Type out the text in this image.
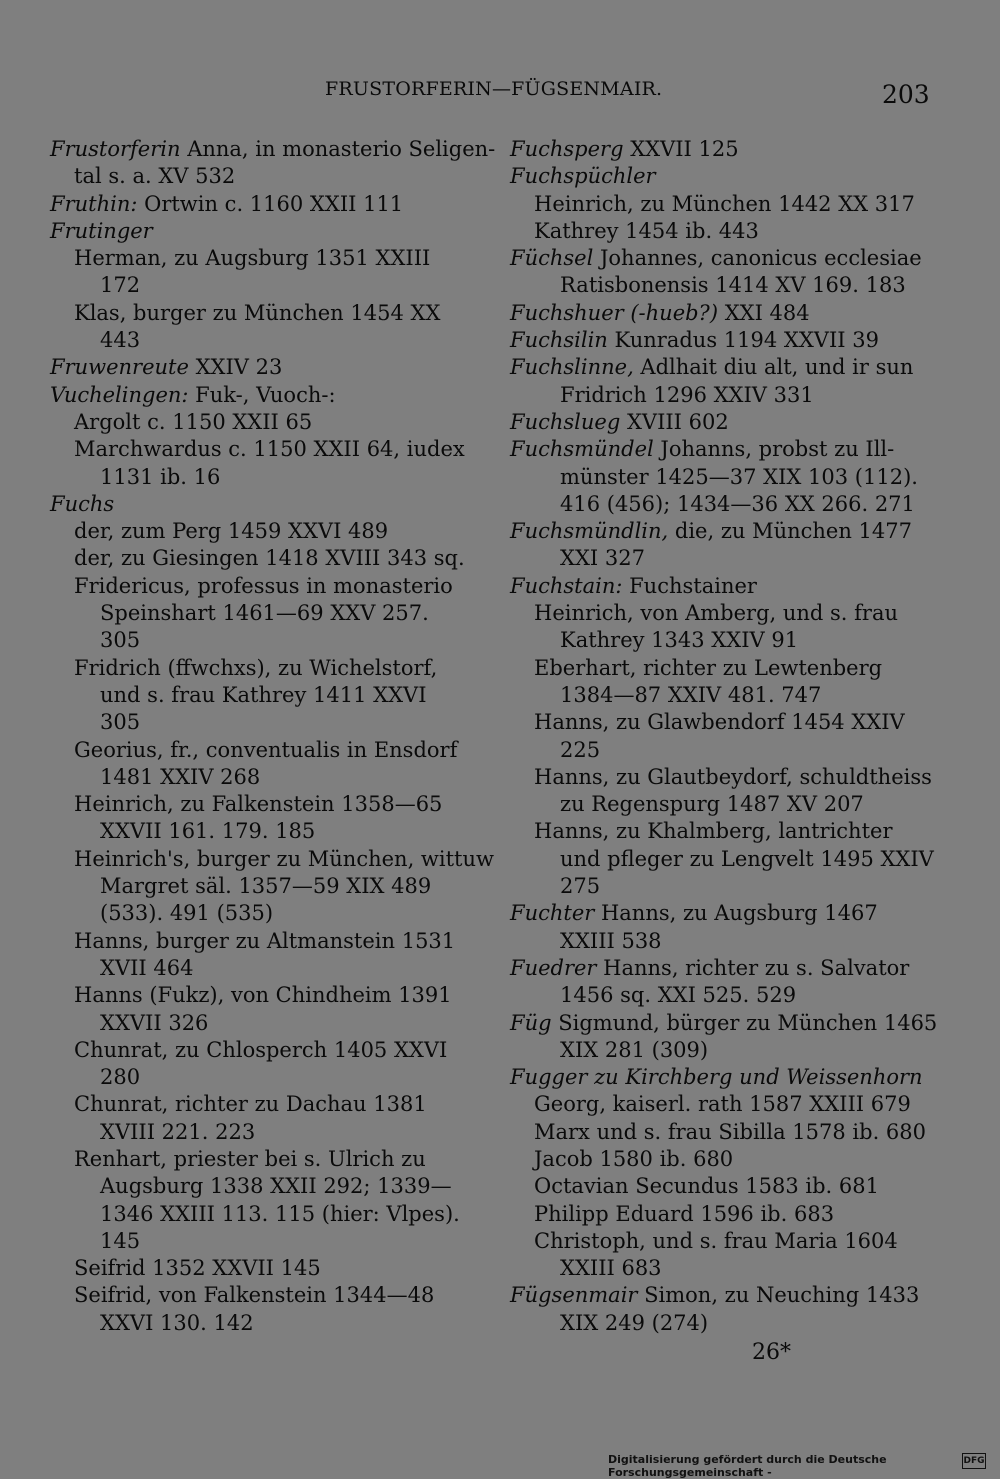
FRUSTORFERIN—FÜGSENMAIR.	203
Frustorferin Anna, in monasterio Seligen-
tal s. a. XV 532
Fruthin: Ortwin c. 1160 XXII 111
Frutinger
Herman, zu Augsburg 1351 XXIII
172
Klas, burger zu München 1454 XX
443
Fruwenreute XXIV 23
Vuchelingen: Fuk-, Vuoch-:
Argolt c. 1150 XXII 65
Marchwardus c. 1150 XXII 64, iudex
1131 ib. 16
Fuchs
der, zum Perg 1459 XXVI 489
der, zu Giesingen 1418 XVIII 343 sq.
Fridericus, professus in monasterio
Speinshart 1461—69 XXV 257.
305
Fridrich (ffwchxs), zu Wichelstorf,
und s. frau Kathrey 1411 XXVI
305
Georius, fr., conventualis in Ensdorf
1481 XXIV 268
Heinrich, zu Falkenstein 1358—65
XXVII 161. 179. 185
Heinrich's, burger zu München, wittuw
Margret säl. 1357—59 XIX 489
(533). 491 (535)
Hanns, burger zu Altmanstein 1531
XVII 464
Hanns (Fukz), von Chindheim 1391
XXVII 326
Chunrat, zu Chlosperch 1405 XXVI
280
Chunrat, richter zu Dachau 1381
XVIII 221. 223
Renhart, priester bei s. Ulrich zu
Augsburg 1338 XXII 292; 1339—
1346 XXIII 113. 115 (hier: Vlpes).
145
Seifrid 1352 XXVII 145
Seifrid, von Falkenstein 1344—48
XXVI 130. 142
Fuchsperg XXVII 125
Fuchspüchler
Heinrich, zu München 1442 XX 317
Kathrey 1454 ib. 443
Füchsel Johannes, canonicus ecclesiae
Ratisbonensis 1414 XV 169. 183
Fuchshuer (-hueb?) XXI 484
Fuchsilin Kunradus 1194 XXVII 39
Fuchslinne, Adlhait diu alt, und ir sun
Fridrich 1296 XXIV 331
Fuchslueg XVIII 602
Fuchsmündel Johanns, probst zu Ill-
münster 1425—37 XIX 103 (112).
416 (456); 1434—36 XX 266. 271
Fuchsmündlin, die, zu München 1477
XXI 327
Fuchstain: Fuchstainer
Heinrich, von Amberg, und s. frau
Kathrey 1343 XXIV 91
Eberhart, richter zu Lewtenberg
1384—87 XXIV 481. 747
Hanns, zu Glawbendorf 1454 XXIV
225
Hanns, zu Glautbeydorf, schuldtheiss
zu Regenspurg 1487 XV 207
Hanns, zu Khalmberg, lantrichter
und pfleger zu Lengvelt 1495 XXIV
275
Fuchter Hanns, zu Augsburg 1467
XXIII 538
Fuedrer Hanns, richter zu s. Salvator
1456 sq. XXI 525. 529
Füg Sigmund, bürger zu München 1465
XIX 281 (309)
Fugger zu Kirchberg und Weissenhorn
Georg, kaiserl. rath 1587 XXIII 679
Marx und s. frau Sibilla 1578 ib. 680
Jacob 1580 ib. 680
Octavian Secundus 1583 ib. 681
Philipp Eduard 1596 ib. 683
Christoph, und s. frau Maria 1604
XXIII 683
Fügsenmair Simon, zu Neuching 1433
XIX 249 (274)
26*
Digitalisierung gefördert durch die Deutsche Forschungsgemeinschaft -
DFG
